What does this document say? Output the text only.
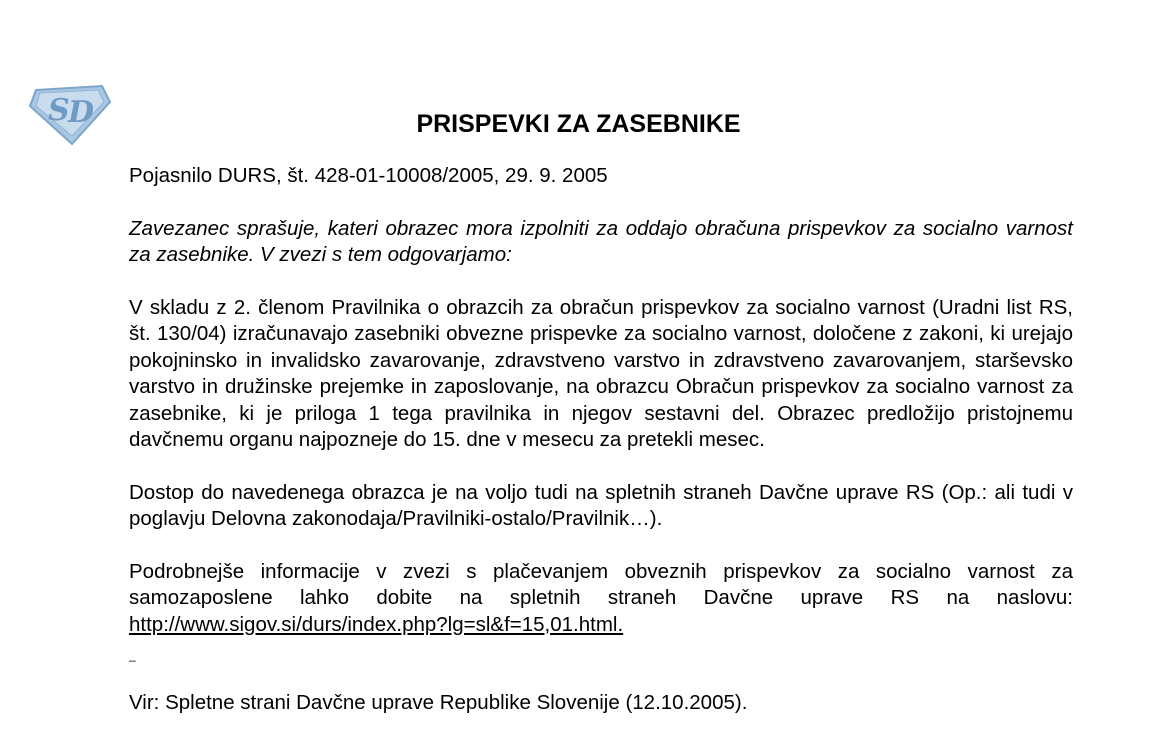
S
D	PRISPEVKI ZA ZASEBNIKE

Pojasnilo DURS, št. 428-01-10008/2005, 29. 9. 2005

Zavezanec sprašuje, kateri obrazec mora izpolniti za oddajo obračuna prispevkov za socialno varnost za zasebnike. V zvezi s tem odgovarjamo:

V skladu z 2. členom Pravilnika o obrazcih za obračun prispevkov za socialno varnost (Uradni list RS, št. 130/04) izračunavajo zasebniki obvezne prispevke za socialno varnost, določene z zakoni, ki urejajo pokojninsko in invalidsko zavarovanje, zdravstveno varstvo in zdravstveno zavarovanjem, starševsko varstvo in družinske prejemke in zaposlovanje, na obrazcu Obračun prispevkov za socialno varnost za zasebnike, ki je priloga 1 tega pravilnika in njegov sestavni del. Obrazec predložijo pristojnemu davčnemu organu najpozneje do 15. dne v mesecu za pretekli mesec.

Dostop do navedenega obrazca je na voljo tudi na spletnih straneh Davčne uprave RS (Op.: ali tudi v poglavju Delovna zakonodaja/Pravilniki-ostalo/Pravilnik…).

Podrobnejše informacije v zvezi s plačevanjem obveznih prispevkov za socialno varnost za samozaposlene lahko dobite na spletnih straneh Davčne uprave RS na naslovu: http://www.sigov.si/durs/index.php?lg=sl&f=15,01.html.

_

Vir: Spletne strani Davčne uprave Republike Slovenije (12.10.2005).
